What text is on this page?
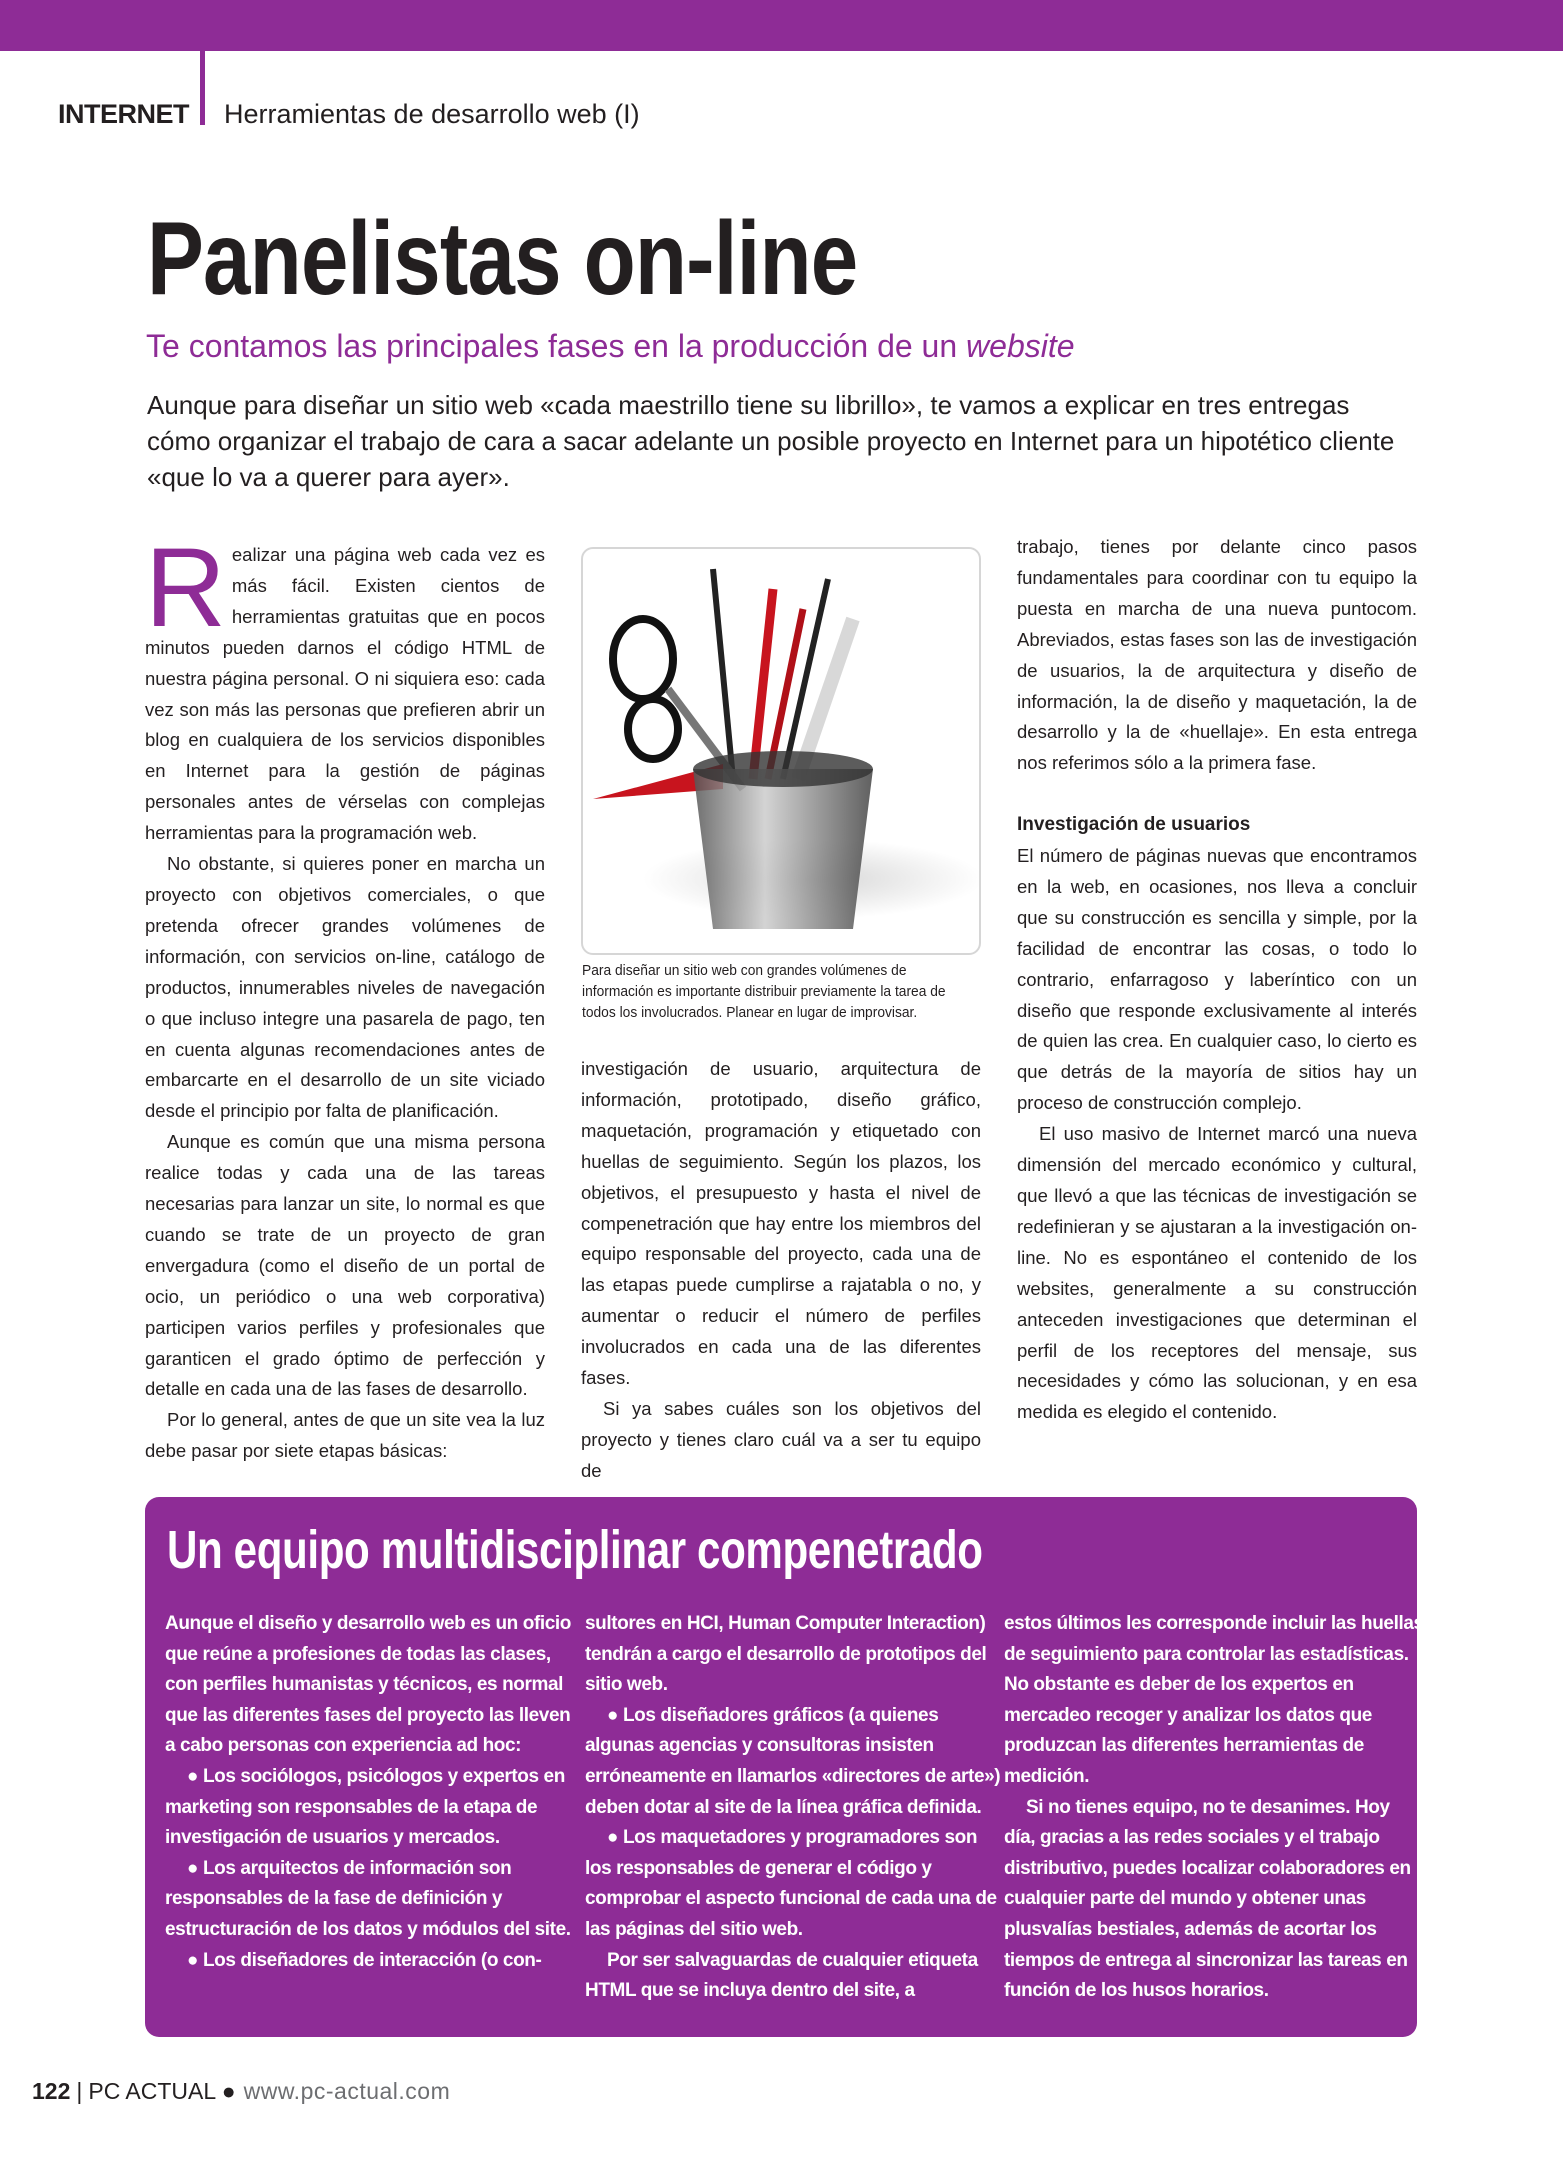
INTERNET Herramientas de desarrollo web (I)
Panelistas on-line
Te contamos las principales fases en la producción de un website
Aunque para diseñar un sitio web «cada maestrillo tiene su librillo», te vamos a explicar en tres entregas cómo organizar el trabajo de cara a sacar adelante un posible proyecto en Internet para un hipotético cliente «que lo va a querer para ayer».

Realizar una página web cada vez es más fácil. Existen cientos de herramientas gratuitas que en pocos minutos pueden darnos el código HTML de nuestra página personal. O ni siquiera eso: cada vez son más las personas que prefieren abrir un blog en cualquiera de los servicios disponibles en Internet para la gestión de páginas personales antes de vérselas con complejas herramientas para la programación web.

No obstante, si quieres poner en marcha un proyecto con objetivos comerciales, o que pretenda ofrecer grandes volúmenes de información, con servicios on-line, catálogo de productos, innumerables niveles de navegación o que incluso integre una pasarela de pago, ten en cuenta algunas recomendaciones antes de embarcarte en el desarrollo de un site viciado desde el principio por falta de planificación.

Aunque es común que una misma persona realice todas y cada una de las tareas necesarias para lanzar un site, lo normal es que cuando se trate de un proyecto de gran envergadura (como el diseño de un portal de ocio, un periódico o una web corporativa) participen varios perfiles y profesionales que garanticen el grado óptimo de perfección y detalle en cada una de las fases de desarrollo.

Por lo general, antes de que un site vea la luz debe pasar por siete etapas básicas:

Para diseñar un sitio web con grandes volúmenes de información es importante distribuir previamente la tarea de todos los involucrados. Planear en lugar de improvisar.

investigación de usuario, arquitectura de información, prototipado, diseño gráfico, maquetación, programación y etiquetado con huellas de seguimiento. Según los plazos, los objetivos, el presupuesto y hasta el nivel de compenetración que hay entre los miembros del equipo responsable del proyecto, cada una de las etapas puede cumplirse a rajatabla o no, y aumentar o reducir el número de perfiles involucrados en cada una de las diferentes fases.

Si ya sabes cuáles son los objetivos del proyecto y tienes claro cuál va a ser tu equipo de

trabajo, tienes por delante cinco pasos fundamentales para coordinar con tu equipo la puesta en marcha de una nueva puntocom. Abreviados, estas fases son las de investigación de usuarios, la de arquitectura y diseño de información, la de diseño y maquetación, la de desarrollo y la de «huellaje». En esta entrega nos referimos sólo a la primera fase.

Investigación de usuarios

El número de páginas nuevas que encontramos en la web, en ocasiones, nos lleva a concluir que su construcción es sencilla y simple, por la facilidad de encontrar las cosas, o todo lo contrario, enfarragoso y laberíntico con un diseño que responde exclusivamente al interés de quien las crea. En cualquier caso, lo cierto es que detrás de la mayoría de sitios hay un proceso de construcción complejo.

El uso masivo de Internet marcó una nueva dimensión del mercado económico y cultural, que llevó a que las técnicas de investigación se redefinieran y se ajustaran a la investigación on-line. No es espontáneo el contenido de los websites, generalmente a su construcción anteceden investigaciones que determinan el perfil de los receptores del mensaje, sus necesidades y cómo las solucionan, y en esa medida es elegido el contenido.

Un equipo multidisciplinar compenetrado

Aunque el diseño y desarrollo web es un oficio que reúne a profesiones de todas las clases, con perfiles humanistas y técnicos, es normal que las diferentes fases del proyecto las lleven a cabo personas con experiencia ad hoc:

● Los sociólogos, psicólogos y expertos en marketing son responsables de la etapa de investigación de usuarios y mercados.

● Los arquitectos de información son responsables de la fase de definición y estructuración de los datos y módulos del site.

● Los diseñadores de interacción (o con-

sultores en HCI, Human Computer Interaction) tendrán a cargo el desarrollo de prototipos del sitio web.

● Los diseñadores gráficos (a quienes algunas agencias y consultoras insisten erróneamente en llamarlos «directores de arte») deben dotar al site de la línea gráfica definida.

● Los maquetadores y programadores son los responsables de generar el código y comprobar el aspecto funcional de cada una de las páginas del sitio web.

Por ser salvaguardas de cualquier etiqueta HTML que se incluya dentro del site, a

estos últimos les corresponde incluir las huellas de seguimiento para controlar las estadísticas. No obstante es deber de los expertos en mercadeo recoger y analizar los datos que produzcan las diferentes herramientas de medición.

Si no tienes equipo, no te desanimes. Hoy día, gracias a las redes sociales y el trabajo distributivo, puedes localizar colaboradores en cualquier parte del mundo y obtener unas plusvalías bestiales, además de acortar los tiempos de entrega al sincronizar las tareas en función de los husos horarios.

122 | PC ACTUAL ● www.pc-actual.com
